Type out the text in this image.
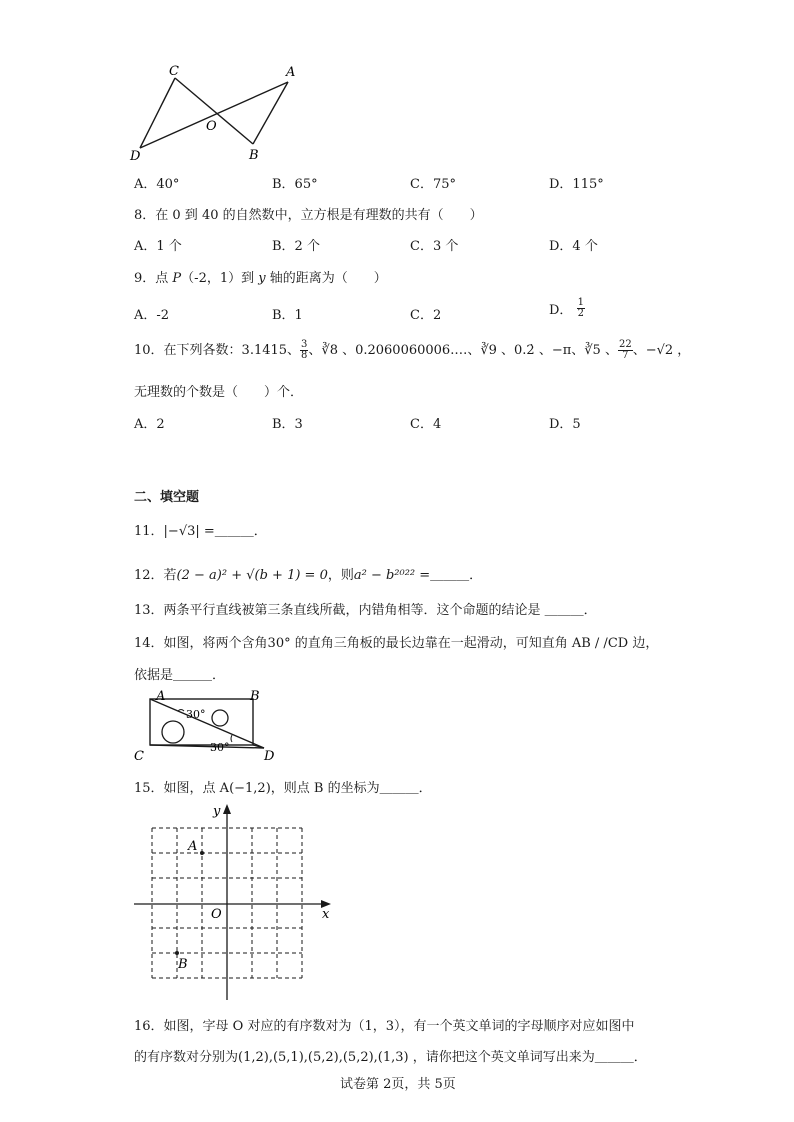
C	A
O
D	B
A．40°	B．65°	C．75°	D．115°
8．在 0 到 40 的自然数中，立方根是有理数的共有（　　）
A．1 个	B．2 个	C．3 个	D．4 个
9．点 P（-2，1）到 y 轴的距离为（　　）
A．-2	B．1	C．2	D． $\frac{1}{2}$
10．在下列各数：3.1415、 $\frac{3}{8}$ 、∛8 、0.2060060006.…、∛9 、0.2̇ 、−π、∛5 、 $\frac{22}{7}$ 、−√2 ，
无理数的个数是（　　）个．
A．2	B．3	C．4	D．5
二、填空题
11．|−√3| =＿＿＿．
12．若(2 − a)² + √(b + 1) = 0，则a² − b²⁰²² =＿＿＿．
13．两条平行直线被第三条直线所截，内错角相等．这个命题的结论是 ＿＿＿．
14．如图，将两个含角30° 的直角三角板的最长边靠在一起滑动，可知直角 AB / /CD 边，
依据是＿＿＿．
30°
30°
A	B
C	D
15．如图，点 A(−1,2)，则点 B 的坐标为＿＿＿．
y
x
O
A
B
16．如图，字母 O 对应的有序数对为（1，3），有一个英文单词的字母顺序对应如图中
的有序数对分别为(1,2),(5,1),(5,2),(5,2),(1,3) ，请你把这个英文单词写出来为＿＿＿．
试卷第 2页，共 5页
